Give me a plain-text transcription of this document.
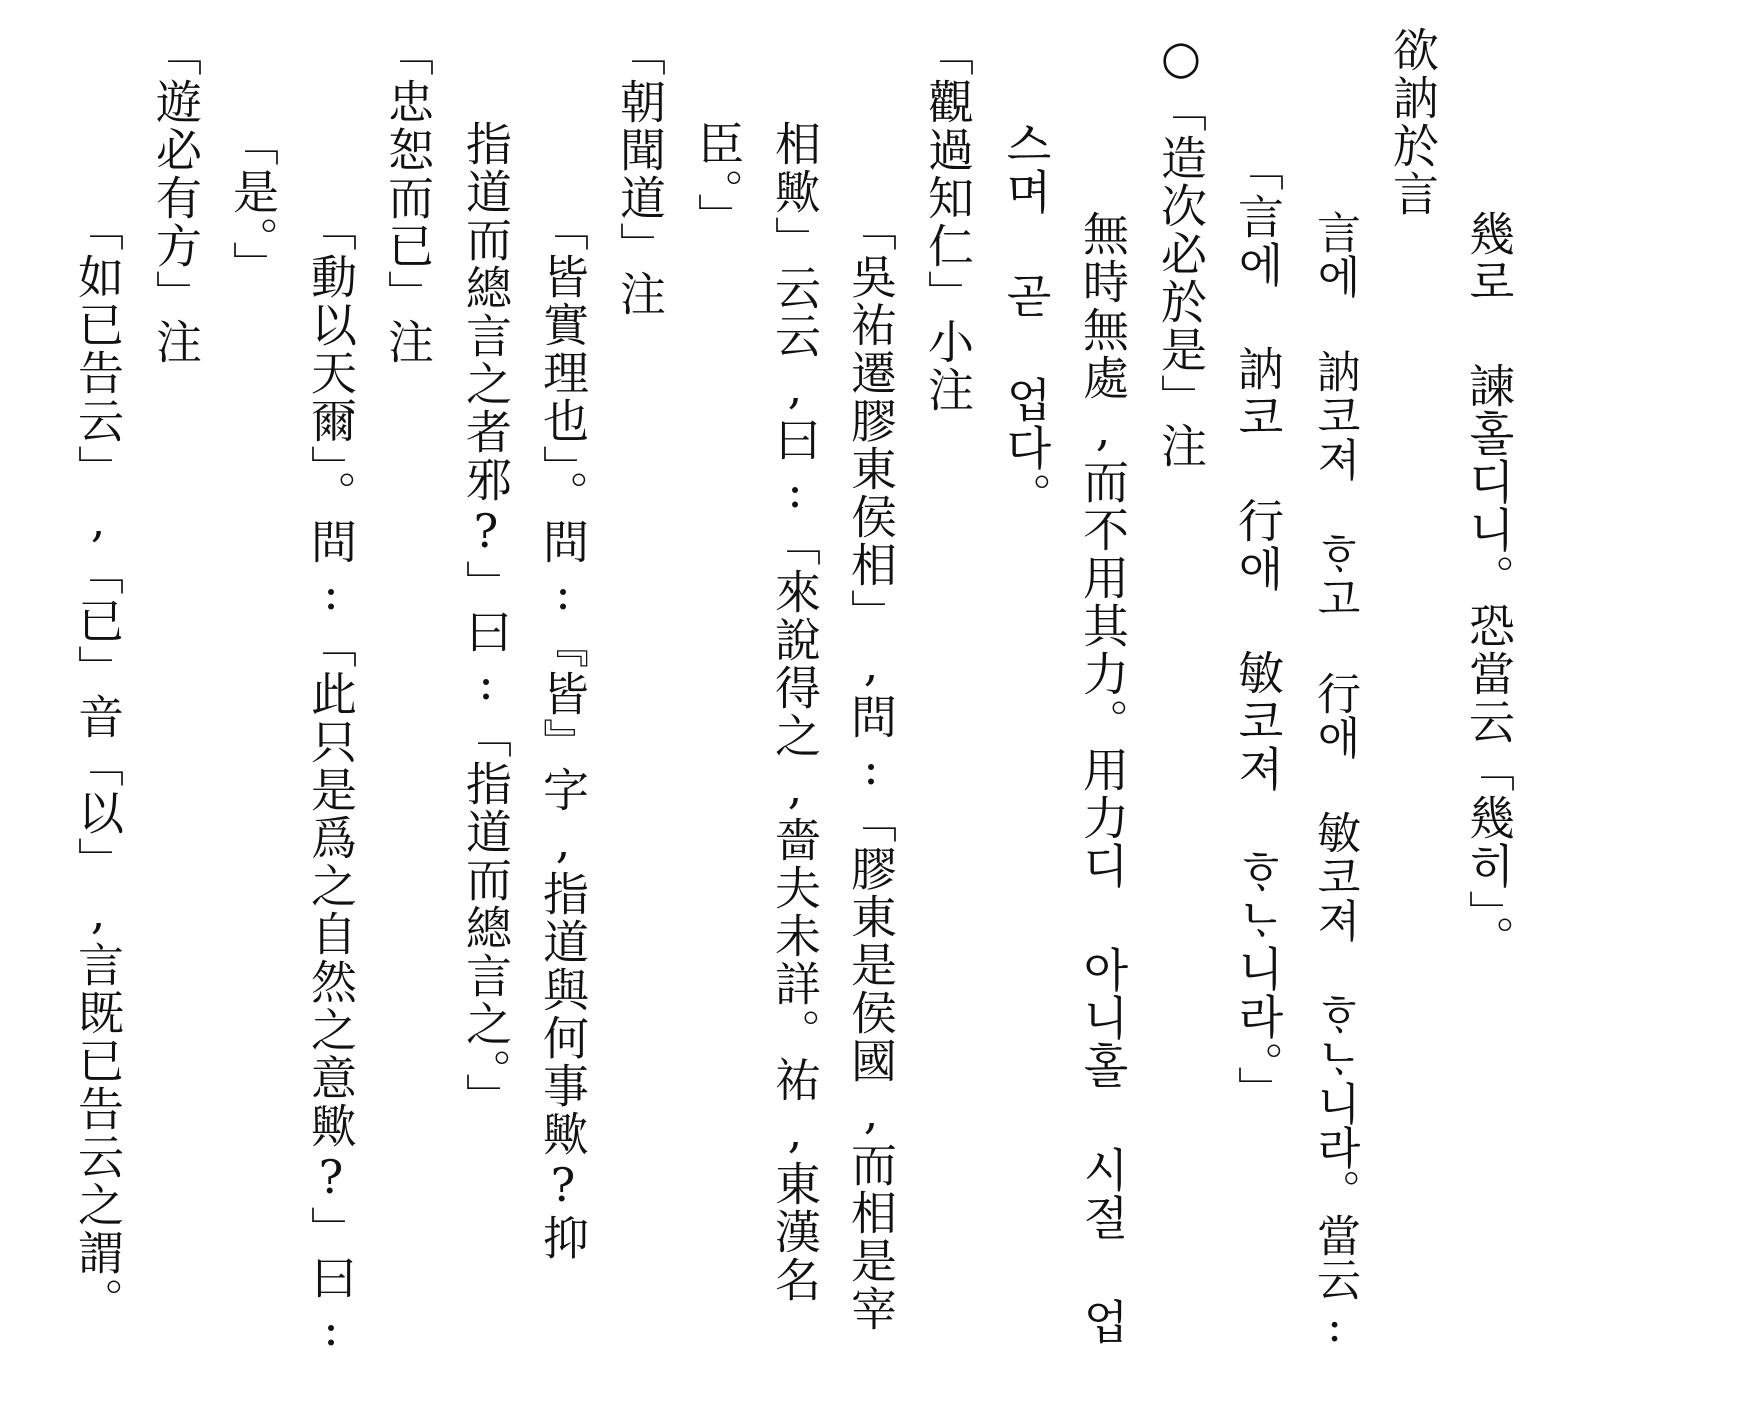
欲訥於言
幾로 諫홀디니。恐當云「幾히」。
言에 訥코져 ᄒᆞ고 行애 敏코져 ᄒᆞᄂᆞ니라。當云:
「言에 訥코 行애 敏코져 ᄒᆞᄂᆞ니라。」
○「造次必於是」注
無時無處,而不用其力。用力디 아니홀 시절 업
스며 곧 업다。
「觀過知仁」小注
「吳祐遷膠東侯相」,問:「膠東是侯國,而相是宰
相歟」云云,曰:「來說得之,嗇夫未詳。祐,東漢名
臣。」
「朝聞道」注
「皆實理也」。問:『皆』字,指道與何事歟?抑
指道而總言之者邪?」曰:「指道而總言之。」
「忠恕而已」注
「動以天爾」。問:「此只是爲之自然之意歟?」曰:
「是。」
「遊必有方」注
「如已告云」,「已」音「以」,言既已告云之謂。
